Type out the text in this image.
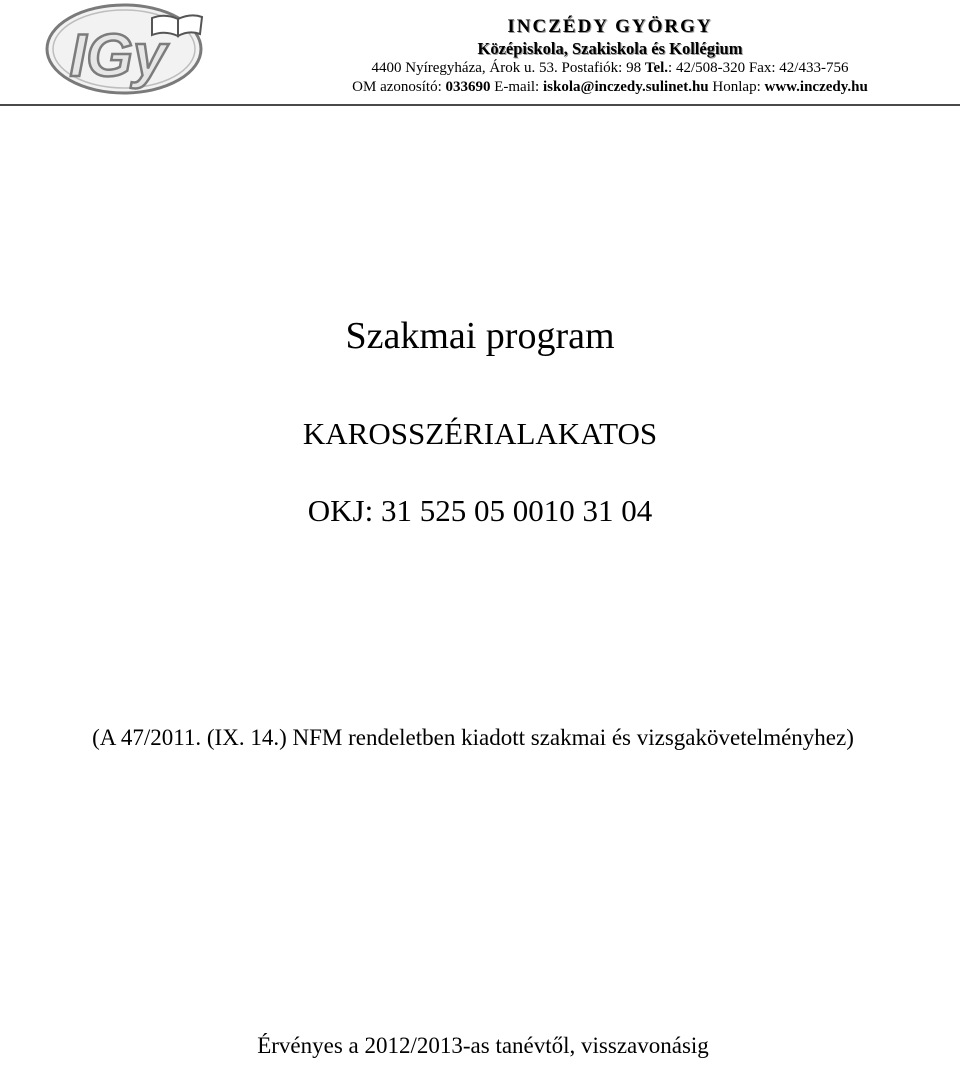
IGy	INCZÉDY GYÖRGY
Középiskola, Szakiskola és Kollégium
4400 Nyíregyháza, Árok u. 53. Postafiók: 98 Tel.: 42/508-320 Fax: 42/433-756
OM azonosító: 033690 E-mail: iskola@inczedy.sulinet.hu Honlap: www.inczedy.hu
Szakmai program
KAROSSZÉRIALAKATOS
OKJ: 31 525 05 0010 31 04
(A 47/2011. (IX. 14.) NFM rendeletben kiadott szakmai és vizsgakövetelményhez)
Érvényes a 2012/2013-as tanévtől, visszavonásig
